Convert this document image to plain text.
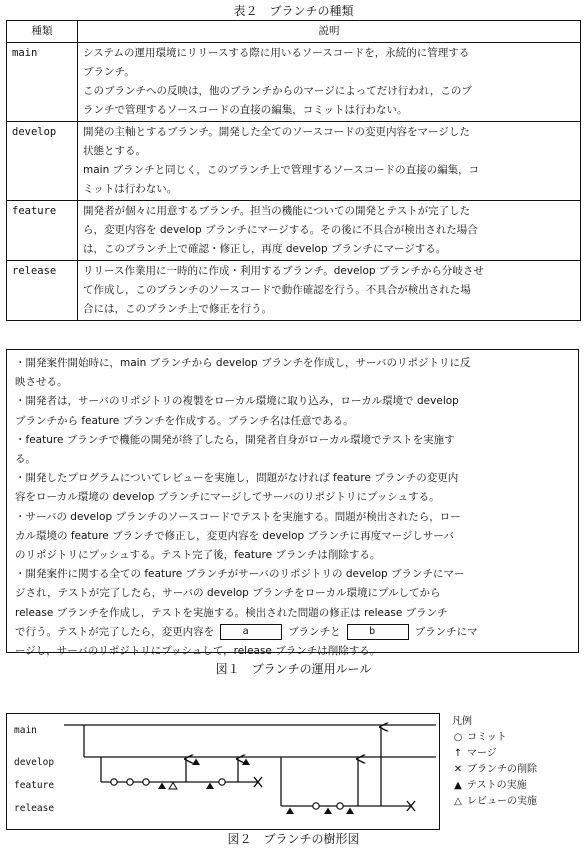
表２　ブランチの種類
種類	説明
main	システムの運用環境にリリースする際に用いるソースコードを，永続的に管理する
ブランチ。
このブランチへの反映は，他のブランチからのマージによってだけ行われ，このブ
ランチで管理するソースコードの直接の編集，コミットは行わない。

develop	開発の主軸とするブランチ。開発した全てのソースコードの変更内容をマージした
状態とする。
main ブランチと同じく，このブランチ上で管理するソースコードの直接の編集，コ
ミットは行わない。

feature	開発者が個々に用意するブランチ。担当の機能についての開発とテストが完了した
ら，変更内容を develop ブランチにマージする。その後に不具合が検出された場合
は，このブランチ上で確認・修正し，再度 develop ブランチにマージする。

release	リリース作業用に一時的に作成・利用するブランチ。develop ブランチから分岐させ
て作成し，このブランチのソースコードで動作確認を行う。不具合が検出された場
合には，このブランチ上で修正を行う。
・開発案件開始時に，main ブランチから develop ブランチを作成し，サーバのリポジトリに反
映させる。
・開発者は，サーバのリポジトリの複製をローカル環境に取り込み，ローカル環境で develop
ブランチから feature ブランチを作成する。ブランチ名は任意である。
・feature ブランチで機能の開発が終了したら，開発者自身がローカル環境でテストを実施す
る。
・開発したプログラムについてレビューを実施し，問題がなければ feature ブランチの変更内
容をローカル環境の develop ブランチにマージしてサーバのリポジトリにプッシュする。
・サーバの develop ブランチのソースコードでテストを実施する。問題が検出されたら，ロー
カル環境の feature ブランチで修正し，変更内容を develop ブランチに再度マージしサーバ
のリポジトリにプッシュする。テスト完了後，feature ブランチは削除する。
・開発案件に関する全ての feature ブランチがサーバのリポジトリの develop ブランチにマー
ジされ，テストが完了したら，サーバの develop ブランチをローカル環境にプルしてから
release ブランチを作成し，テストを実施する。検出された問題の修正は release ブランチ
で行う。テストが完了したら，変更内容を	a	ブランチと	b	ブランチにマ
ージし，サーバのリポジトリにプッシュして，release ブランチは削除する。
図１　ブランチの運用ルール
main
develop
feature
release
凡例
○ コミット
↑ マージ
✕ ブランチの削除
▲ テストの実施
△ レビューの実施
図２　ブランチの樹形図
